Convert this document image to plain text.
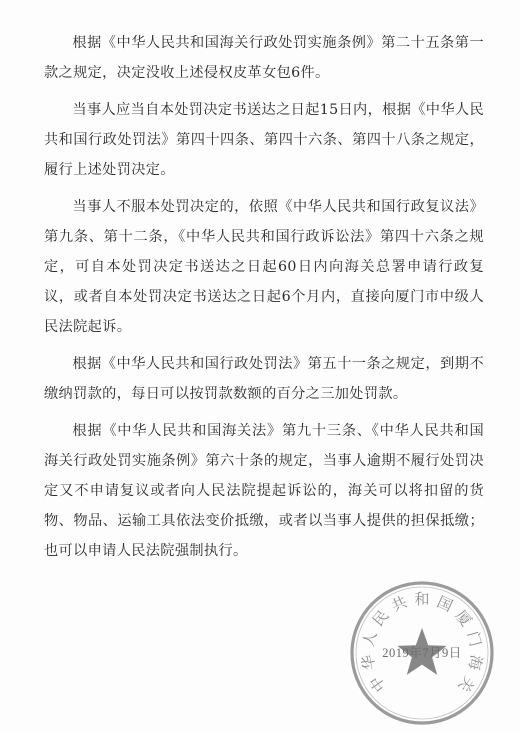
根据《中华人民共和国海关行政处罚实施条例》第二十五条第一款之规定，决定没收上述侵权皮革女包6件。

当事人应当自本处罚决定书送达之日起15日内，根据《中华人民共和国行政处罚法》第四十四条、第四十六条、第四十八条之规定，履行上述处罚决定。

当事人不服本处罚决定的，依照《中华人民共和国行政复议法》第九条、第十二条，《中华人民共和国行政诉讼法》第四十六条之规定，可自本处罚决定书送达之日起60日内向海关总署申请行政复议，或者自本处罚决定书送达之日起6个月内，直接向厦门市中级人民法院起诉。

根据《中华人民共和国行政处罚法》第五十一条之规定，到期不缴纳罚款的，每日可以按罚款数额的百分之三加处罚款。

根据《中华人民共和国海关法》第九十三条、《中华人民共和国海关行政处罚实施条例》第六十条的规定，当事人逾期不履行处罚决定又不申请复议或者向人民法院提起诉讼的，海关可以将扣留的货物、物品、运输工具依法变价抵缴，或者以当事人提供的担保抵缴；也可以申请人民法院强制执行。

中
华
人
民
共 和 国
厦
门
海
关
2019年7月9日
